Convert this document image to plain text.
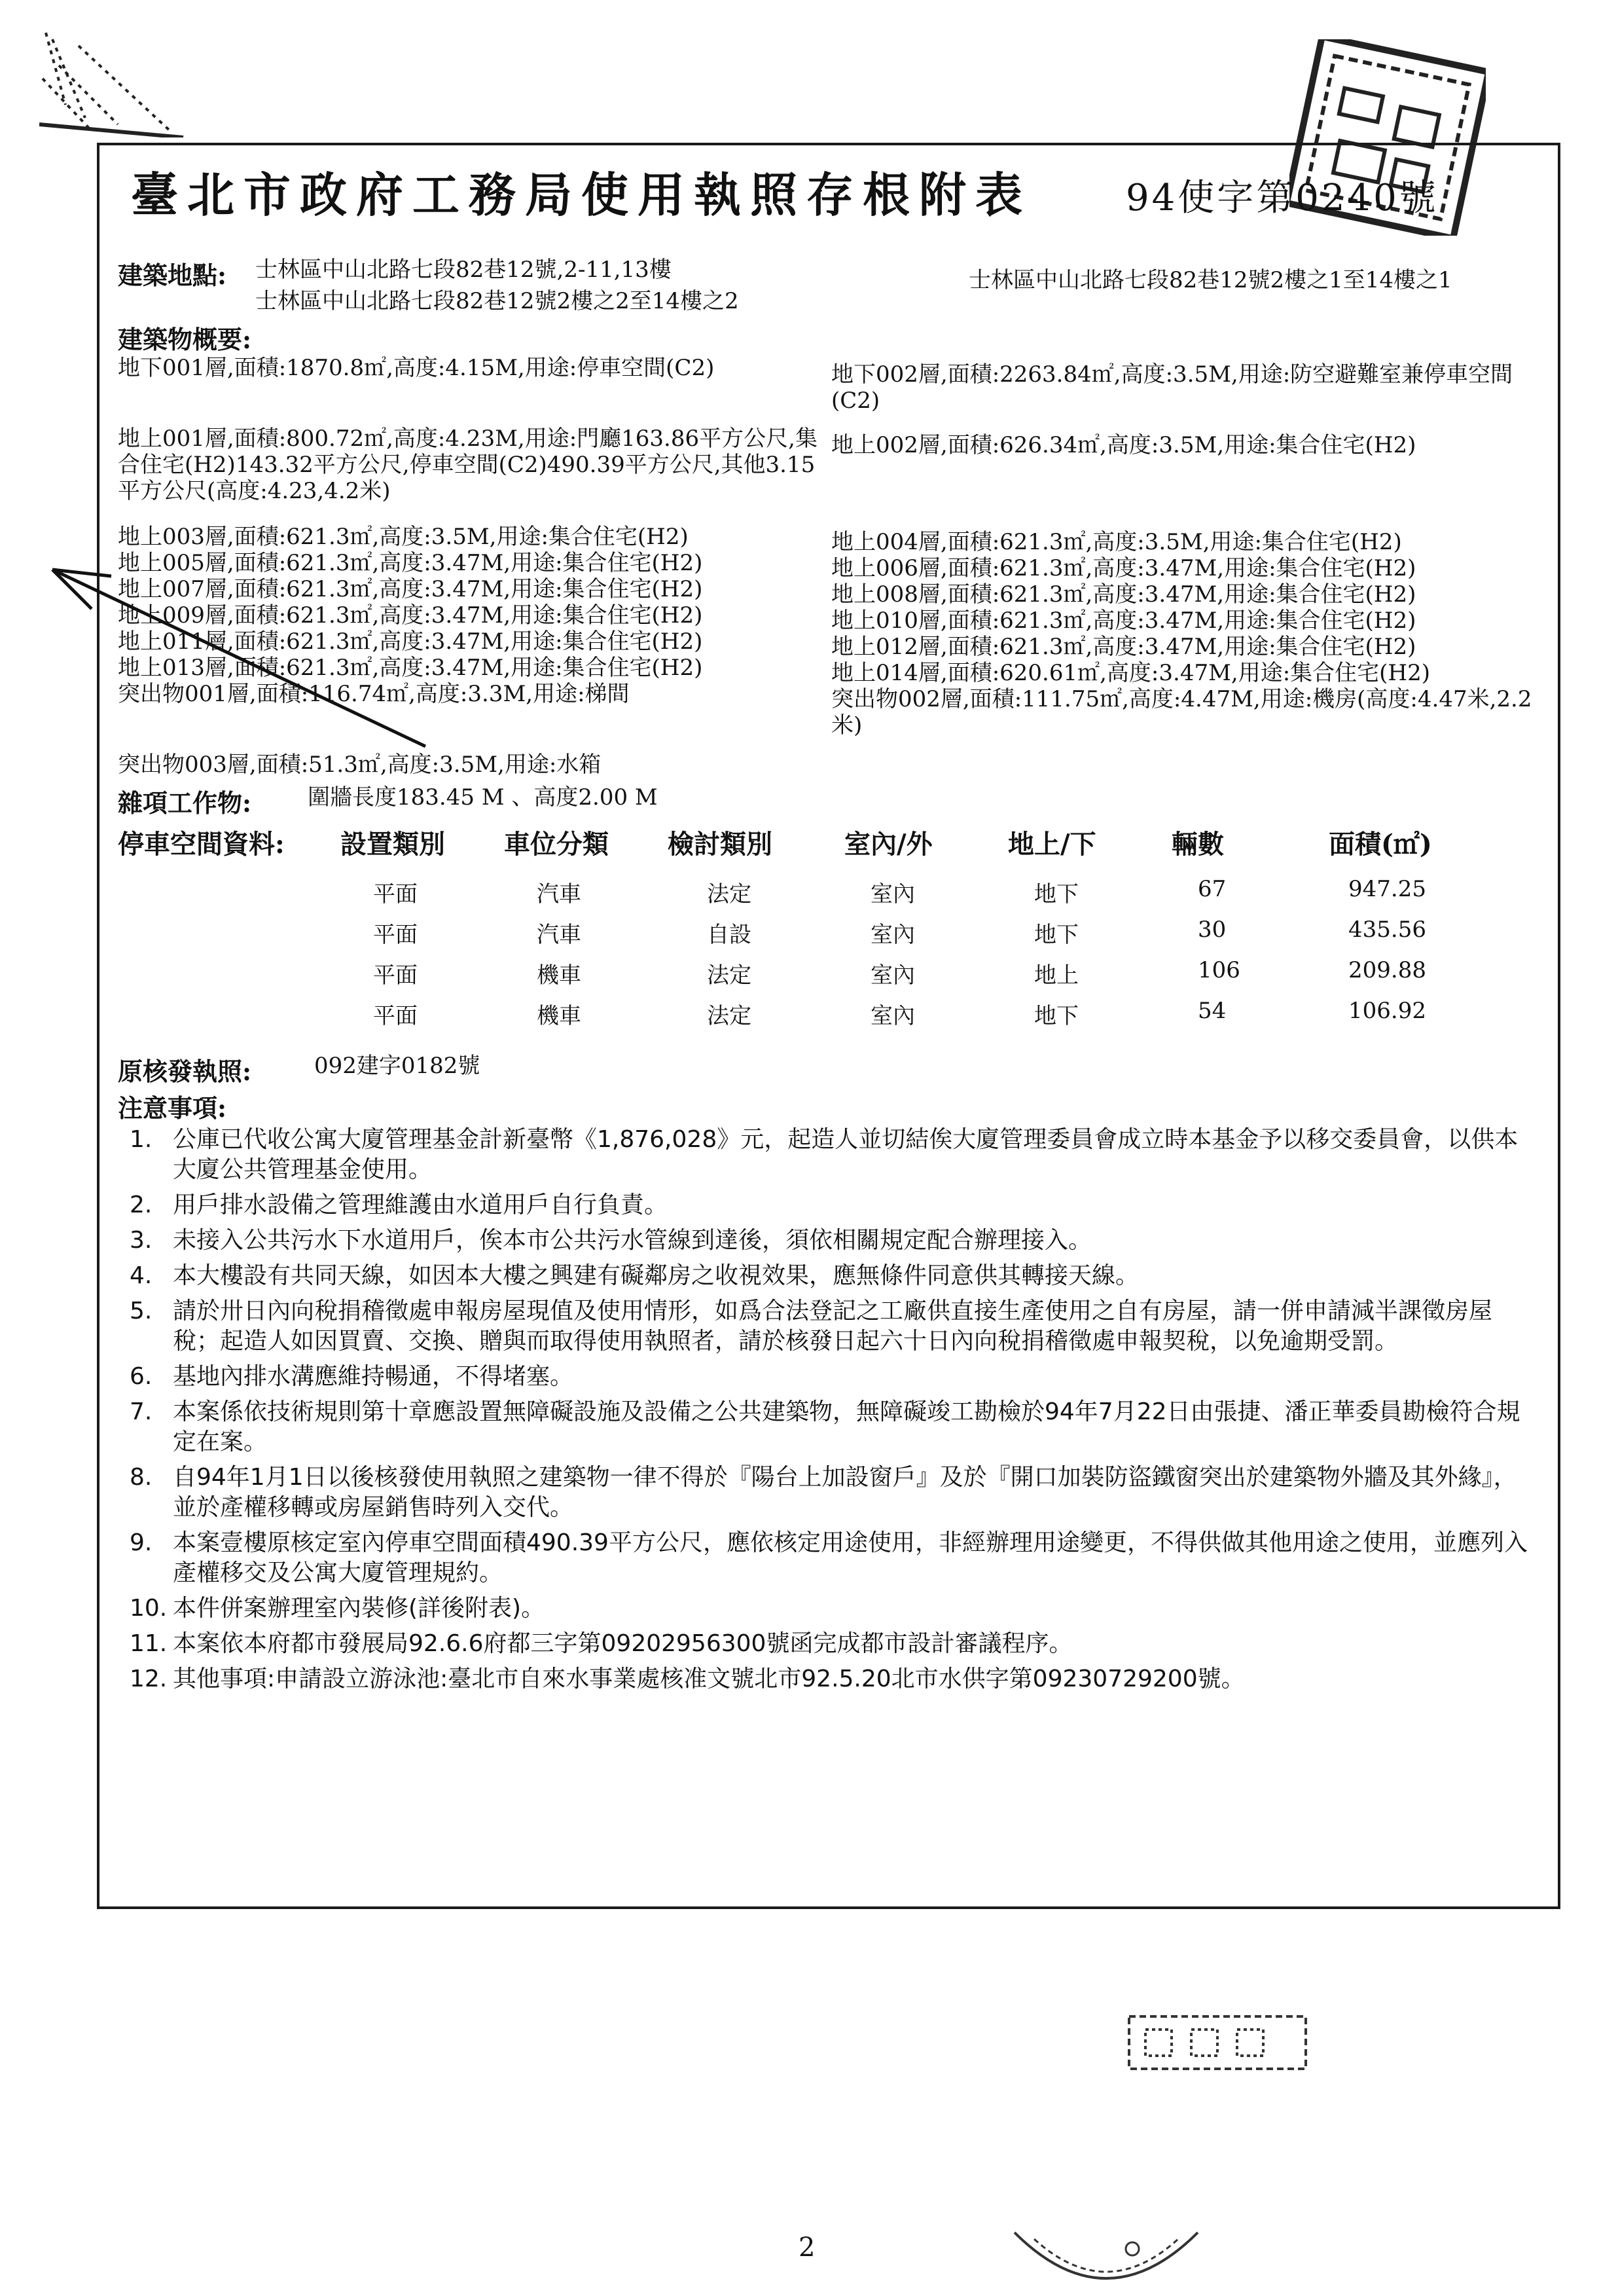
臺北市政府工務局使用執照存根附表	94使字第0240號
建築地點: 士林區中山北路七段82巷12號,2-11,13樓
士林區中山北路七段82巷12號2樓之2至14樓之2
士林區中山北路七段82巷12號2樓之1至14樓之1
建築物概要:
地下001層,面積:1870.8㎡,高度:4.15M,用途:停車空間(C2)	地下002層,面積:2263.84㎡,高度:3.5M,用途:防空避難室兼停車空間(C2)
地上001層,面積:800.72㎡,高度:4.23M,用途:門廳163.86平方公尺,集合住宅(H2)143.32平方公尺,停車空間(C2)490.39平方公尺,其他3.15平方公尺(高度:4.23,4.2米)
地上002層,面積:626.34㎡,高度:3.5M,用途:集合住宅(H2)
地上003層,面積:621.3㎡,高度:3.5M,用途:集合住宅(H2)	地上004層,面積:621.3㎡,高度:3.5M,用途:集合住宅(H2)
地上005層,面積:621.3㎡,高度:3.47M,用途:集合住宅(H2)	地上006層,面積:621.3㎡,高度:3.47M,用途:集合住宅(H2)
地上007層,面積:621.3㎡,高度:3.47M,用途:集合住宅(H2)	地上008層,面積:621.3㎡,高度:3.47M,用途:集合住宅(H2)
地上009層,面積:621.3㎡,高度:3.47M,用途:集合住宅(H2)	地上010層,面積:621.3㎡,高度:3.47M,用途:集合住宅(H2)
地上011層,面積:621.3㎡,高度:3.47M,用途:集合住宅(H2)	地上012層,面積:621.3㎡,高度:3.47M,用途:集合住宅(H2)
地上013層,面積:621.3㎡,高度:3.47M,用途:集合住宅(H2)	地上014層,面積:620.61㎡,高度:3.47M,用途:集合住宅(H2)
突出物001層,面積:116.74㎡,高度:3.3M,用途:梯間	突出物002層,面積:111.75㎡,高度:4.47M,用途:機房(高度:4.47米,2.2米)
突出物003層,面積:51.3㎡,高度:3.5M,用途:水箱
雜項工作物:	圍牆長度183.45 M 、高度2.00 M
停車空間資料: 設置類別 車位分類 檢討類別	室內/外	地上/下	輛數	面積(㎡)
平面	汽車	法定	室內	地下	67	947.25
平面	汽車	自設	室內	地下	30	435.56
平面	機車	法定	室內	地上	106	209.88
平面	機車	法定	室內	地下	54	106.92
原核發執照:	092建字0182號
注意事項:
1. 公庫已代收公寓大廈管理基金計新臺幣《1,876,028》元，起造人並切結俟大廈管理委員會成立時本基金予以移交委員會，以供本大廈公共管理基金使用。
2. 用戶排水設備之管理維護由水道用戶自行負責。
3. 未接入公共污水下水道用戶，俟本市公共污水管線到達後，須依相關規定配合辦理接入。
4. 本大樓設有共同天線，如因本大樓之興建有礙鄰房之收視效果，應無條件同意供其轉接天線。
5. 請於卅日內向稅捐稽徵處申報房屋現值及使用情形，如爲合法登記之工廠供直接生產使用之自有房屋，請一併申請減半課徵房屋稅；起造人如因買賣、交換、贈與而取得使用執照者，請於核發日起六十日內向稅捐稽徵處申報契稅，以免逾期受罰。
6. 基地內排水溝應維持暢通，不得堵塞。
7. 本案係依技術規則第十章應設置無障礙設施及設備之公共建築物，無障礙竣工勘檢於94年7月22日由張捷、潘正華委員勘檢符合規定在案。
8. 自94年1月1日以後核發使用執照之建築物一律不得於『陽台上加設窗戶』及於『開口加裝防盜鐵窗突出於建築物外牆及其外緣』，並於產權移轉或房屋銷售時列入交代。
9. 本案壹樓原核定室內停車空間面積490.39平方公尺，應依核定用途使用，非經辦理用途變更，不得供做其他用途之使用，並應列入產權移交及公寓大廈管理規約。
10. 本件併案辦理室內裝修(詳後附表)。
11. 本案依本府都市發展局92.6.6府都三字第09202956300號函完成都市設計審議程序。
12. 其他事項:申請設立游泳池:臺北市自來水事業處核准文號北市92.5.20北市水供字第09230729200號。
2
